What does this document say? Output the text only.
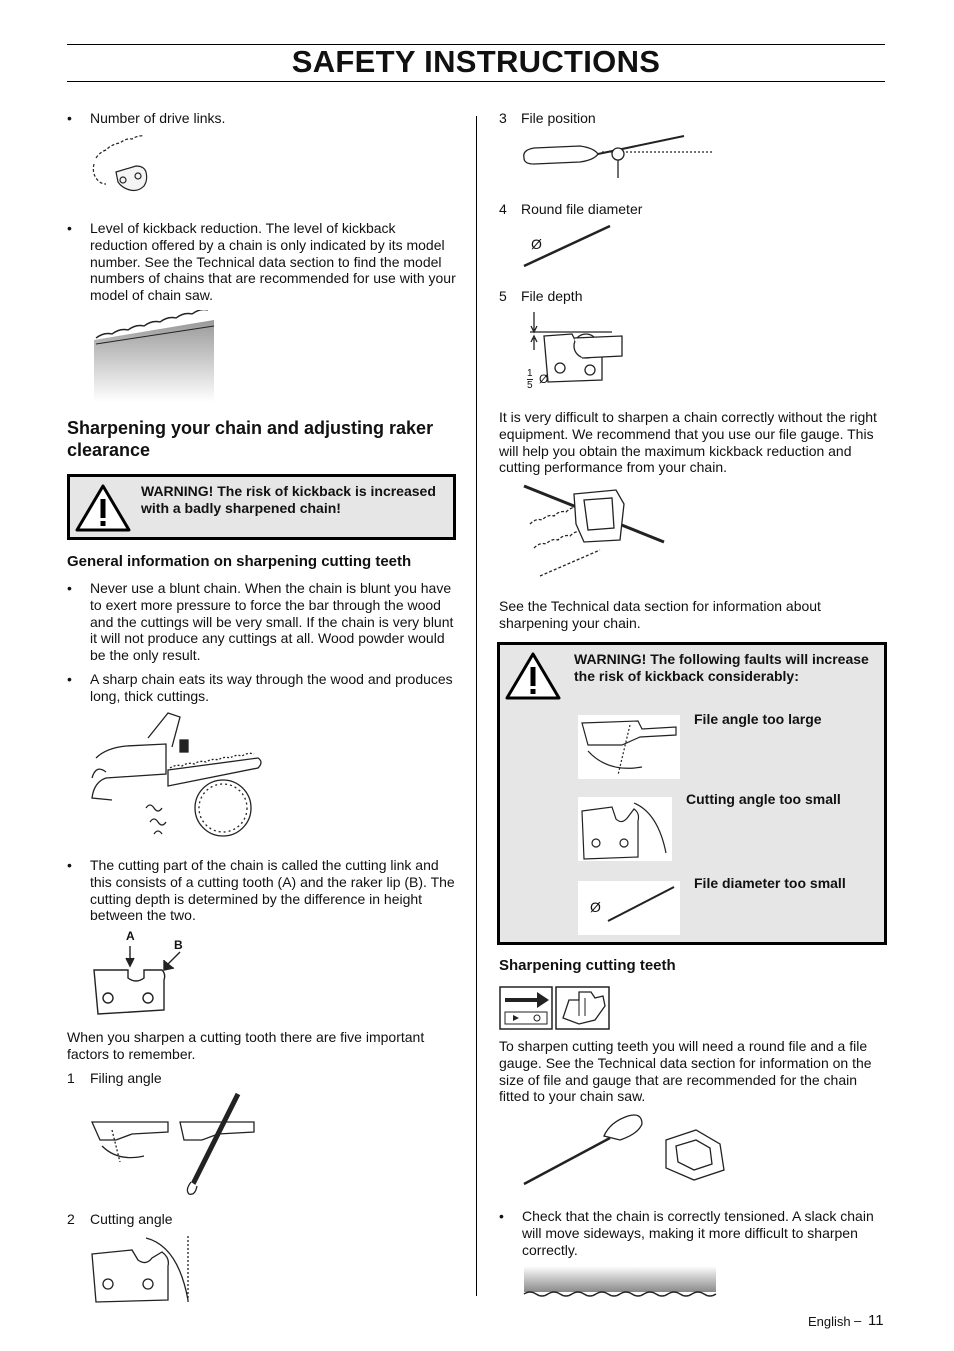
SAFETY INSTRUCTIONS
• Number of drive links.
• Level of kickback reduction. The level of kickback reduction offered by a chain is only indicated by its model number. See the Technical data section to find the model numbers of chains that are recommended for use with your model of chain saw.
Sharpening your chain and adjusting raker clearance
WARNING! The risk of kickback is increased with a badly sharpened chain!
General information on sharpening cutting teeth
• Never use a blunt chain. When the chain is blunt you have to exert more pressure to force the bar through the wood and the cuttings will be very small. If the chain is very blunt it will not produce any cuttings at all. Wood powder would be the only result.
• A sharp chain eats its way through the wood and produces long, thick cuttings.
• The cutting part of the chain is called the cutting link and this consists of a cutting tooth (A) and the raker lip (B). The cutting depth is determined by the difference in height between the two.
A
B
When you sharpen a cutting tooth there are five important factors to remember.
1 Filing angle
2 Cutting angle
3 File position
4 Round file diameter
Ø
5 File depth
1
5 Ø
It is very difficult to sharpen a chain correctly without the right equipment. We recommend that you use our file gauge. This will help you obtain the maximum kickback reduction and cutting performance from your chain.
See the Technical data section for information about sharpening your chain.
WARNING! The following faults will increase the risk of kickback considerably:
File angle too large
Cutting angle too small
Ø
File diameter too small
Sharpening cutting teeth
To sharpen cutting teeth you will need a round file and a file gauge. See the Technical data section for information on the size of file and gauge that are recommended for the chain fitted to your chain saw.
• Check that the chain is correctly tensioned. A slack chain will move sideways, making it more difficult to sharpen correctly.
English – 11
